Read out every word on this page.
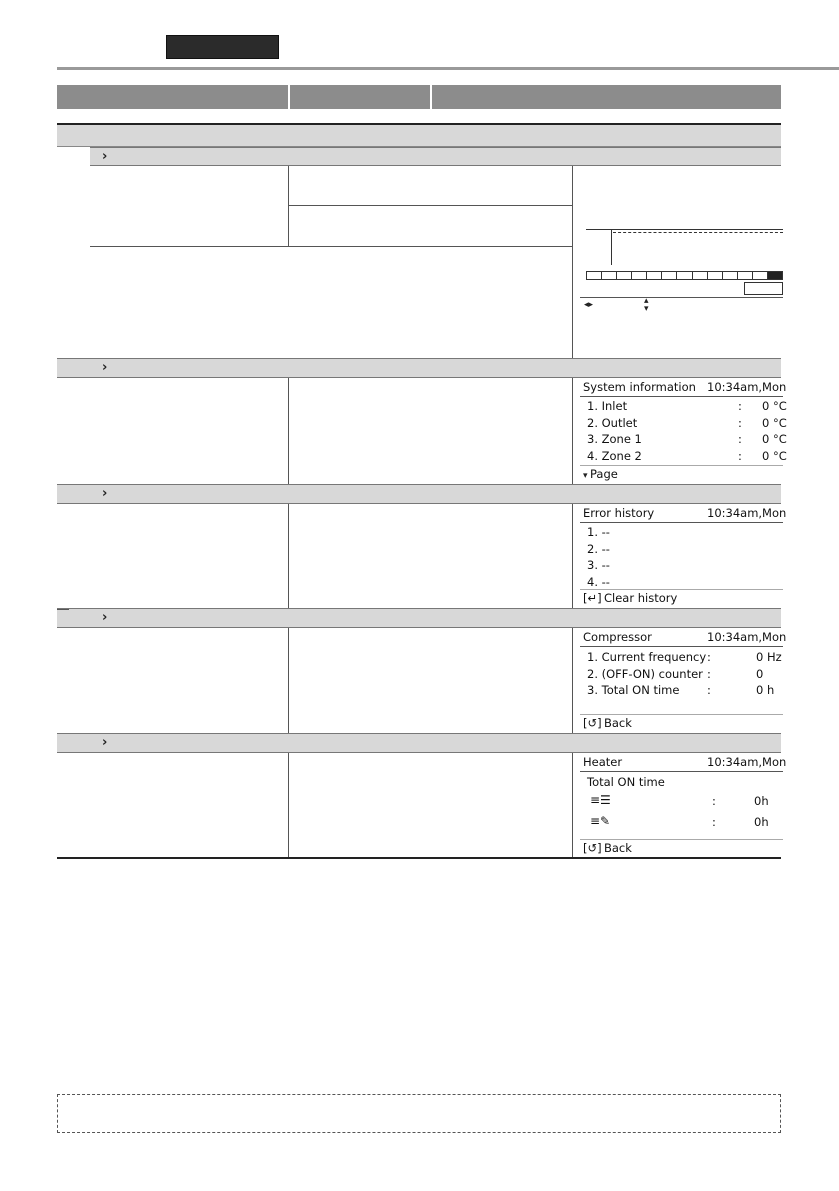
›
◂▸	▴
▾
›
System information 10:34am,Mon
1. Inlet	: 0 °C
2. Outlet	: 0 °C
3. Zone 1	: 0 °C
4. Zone 2	: 0 °C
▾ Page
›
Error history	10:34am,Mon
1. --
2. --
3. --
4. --
[↵] Clear history
›
Compressor	10:34am,Mon
1. Current frequency :	0 Hz
2. (OFF-ON) counter :	0
3. Total ON time :	0 h
[↺] Back
›
Heater	10:34am,Mon
Total ON time
≡☰	:	0h
≡✎	:	0h
[↺] Back
